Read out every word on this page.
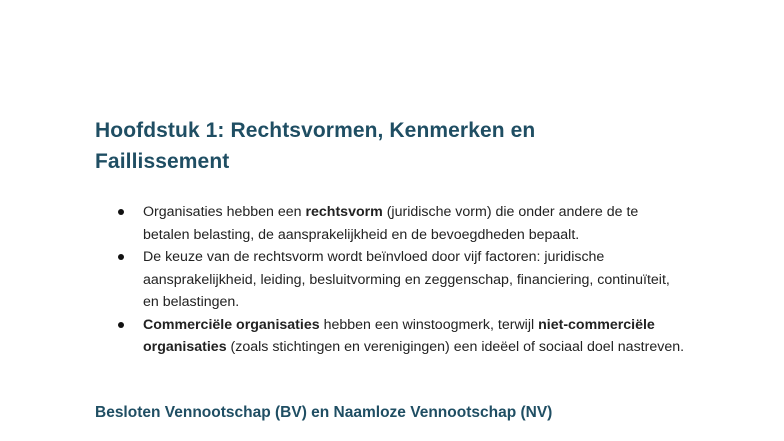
Hoofdstuk 1: Rechtsvormen, Kenmerken en
Faillissement
Organisaties hebben een rechtsvorm (juridische vorm) die onder andere de te betalen belasting, de aansprakelijkheid en de bevoegdheden bepaalt.
De keuze van de rechtsvorm wordt beïnvloed door vijf factoren: juridische aansprakelijkheid, leiding, besluitvorming en zeggenschap, financiering, continuïteit, en belastingen.
Commerciële organisaties hebben een winstoogmerk, terwijl niet-commerciële organisaties (zoals stichtingen en verenigingen) een ideëel of sociaal doel nastreven.
Besloten Vennootschap (BV) en Naamloze Vennootschap (NV)
